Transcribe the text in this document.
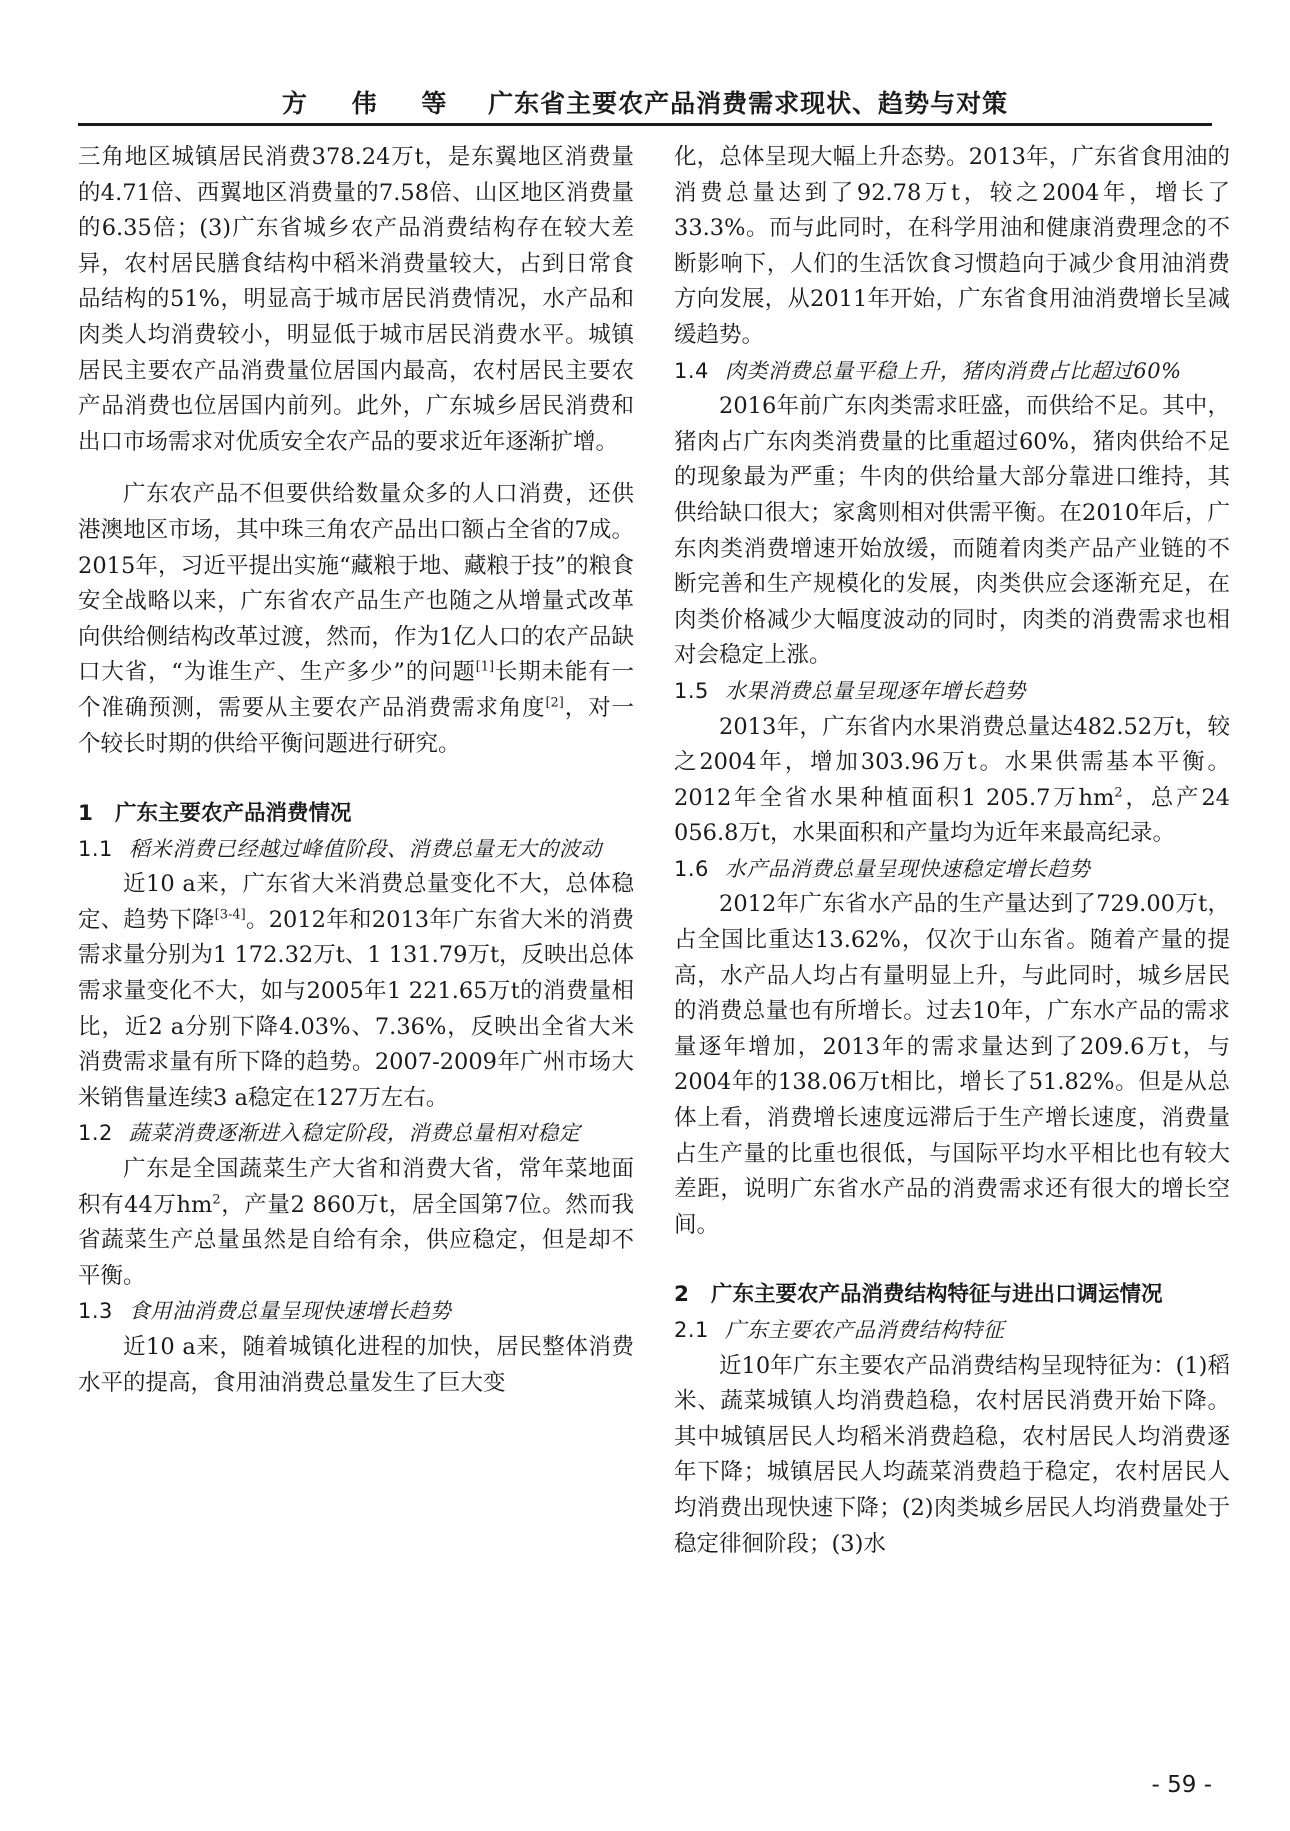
方 伟 等 广东省主要农产品消费需求现状、趋势与对策

三角地区城镇居民消费378.24万t，是东翼地区消费量的4.71倍、西翼地区消费量的7.58倍、山区地区消费量的6.35倍；(3)广东省城乡农产品消费结构存在较大差异，农村居民膳食结构中稻米消费量较大，占到日常食品结构的51%，明显高于城市居民消费情况，水产品和肉类人均消费较小，明显低于城市居民消费水平。城镇居民主要农产品消费量位居国内最高，农村居民主要农产品消费也位居国内前列。此外，广东城乡居民消费和出口市场需求对优质安全农产品的要求近年逐渐扩增。

广东农产品不但要供给数量众多的人口消费，还供港澳地区市场，其中珠三角农产品出口额占全省的7成。2015年，习近平提出实施“藏粮于地、藏粮于技”的粮食安全战略以来，广东省农产品生产也随之从增量式改革向供给侧结构改革过渡，然而，作为1亿人口的农产品缺口大省，“为谁生产、生产多少”的问题[1]长期未能有一个准确预测，需要从主要农产品消费需求角度[2]，对一个较长时期的供给平衡问题进行研究。

1 广东主要农产品消费情况
1.1 稻米消费已经越过峰值阶段、消费总量无大的波动

近10 a来，广东省大米消费总量变化不大，总体稳定、趋势下降[3-4]。2012年和2013年广东省大米的消费需求量分别为1 172.32万t、1 131.79万t，反映出总体需求量变化不大，如与2005年1 221.65万t的消费量相比，近2 a分别下降4.03%、7.36%，反映出全省大米消费需求量有所下降的趋势。2007-2009年广州市场大米销售量连续3 a稳定在127万左右。

1.2 蔬菜消费逐渐进入稳定阶段，消费总量相对稳定

广东是全国蔬菜生产大省和消费大省，常年菜地面积有44万$hm^2$，产量2 860万t，居全国第7位。然而我省蔬菜生产总量虽然是自给有余，供应稳定，但是却不平衡。

1.3 食用油消费总量呈现快速增长趋势

近10 a来，随着城镇化进程的加快，居民整体消费水平的提高，食用油消费总量发生了巨大变

化，总体呈现大幅上升态势。2013年，广东省食用油的消费总量达到了92.78万t，较之2004年，增长了33.3%。而与此同时，在科学用油和健康消费理念的不断影响下，人们的生活饮食习惯趋向于减少食用油消费方向发展，从2011年开始，广东省食用油消费增长呈减缓趋势。

1.4 肉类消费总量平稳上升，猪肉消费占比超过60%

2016年前广东肉类需求旺盛，而供给不足。其中，猪肉占广东肉类消费量的比重超过60%，猪肉供给不足的现象最为严重；牛肉的供给量大部分靠进口维持，其供给缺口很大；家禽则相对供需平衡。在2010年后，广东肉类消费增速开始放缓，而随着肉类产品产业链的不断完善和生产规模化的发展，肉类供应会逐渐充足，在肉类价格减少大幅度波动的同时，肉类的消费需求也相对会稳定上涨。

1.5 水果消费总量呈现逐年增长趋势

2013年，广东省内水果消费总量达482.52万t，较之2004年，增加303.96万t。水果供需基本平衡。2012年全省水果种植面积1 205.7万$hm^2$，总产24 056.8万t，水果面积和产量均为近年来最高纪录。

1.6 水产品消费总量呈现快速稳定增长趋势

2012年广东省水产品的生产量达到了729.00万t，占全国比重达13.62%，仅次于山东省。随着产量的提高，水产品人均占有量明显上升，与此同时，城乡居民的消费总量也有所增长。过去10年，广东水产品的需求量逐年增加，2013年的需求量达到了209.6万t，与2004年的138.06万t相比，增长了51.82%。但是从总体上看，消费增长速度远滞后于生产增长速度，消费量占生产量的比重也很低，与国际平均水平相比也有较大差距，说明广东省水产品的消费需求还有很大的增长空间。

2 广东主要农产品消费结构特征与进出口调运情况
2.1 广东主要农产品消费结构特征

近10年广东主要农产品消费结构呈现特征为：(1)稻米、蔬菜城镇人均消费趋稳，农村居民消费开始下降。其中城镇居民人均稻米消费趋稳，农村居民人均消费逐年下降；城镇居民人均蔬菜消费趋于稳定，农村居民人均消费出现快速下降；(2)肉类城乡居民人均消费量处于稳定徘徊阶段；(3)水

- 59 -
